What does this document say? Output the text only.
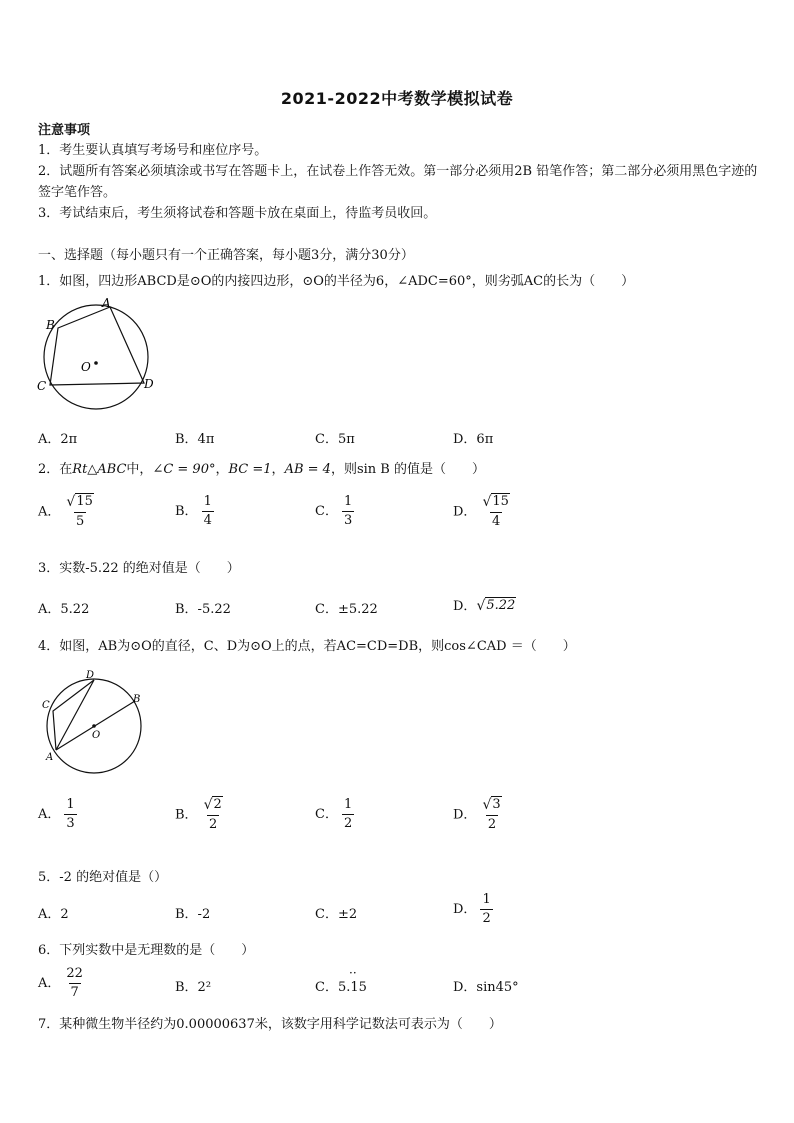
2021-2022中考数学模拟试卷
注意事项
1．考生要认真填写考场号和座位序号。
2．试题所有答案必须填涂或书写在答题卡上，在试卷上作答无效。第一部分必须用2B 铅笔作答；第二部分必须用黑色字迹的签字笔作答。
3．考试结束后，考生须将试卷和答题卡放在桌面上，待监考员收回。
一、选择题（每小题只有一个正确答案，每小题3分，满分30分）
1．如图，四边形ABCD是⊙O的内接四边形，⊙O的半径为6，∠ADC=60°，则劣弧AC的长为（　　）
A
B
C	D
O
A．2π	B．4π	C．5π	D．6π
2．在Rt△ABC中，∠C = 90°，BC =1，AB = 4，则sin B 的值是（　　）
A． $\frac{√ 15}{5}$	B． $\frac{1}{4}$	C． $\frac{1}{3}$	D． $\frac{√ 15}{4}$
3．实数-5.22 的绝对值是（　　）
A．5.22	B．-5.22	C．±5.22	D． √ 5.22
4．如图，AB为⊙O的直径，C、D为⊙O上的点，若AC=CD=DB，则cos∠CAD ＝（　　）
D
C
B
A
O
A． $\frac{1}{3}$	B． $\frac{√ 2}{2}$	C． $\frac{1}{2}$	D． $\frac{√ 3}{2}$
5．-2 的绝对值是（）
A．2	B．-2	C．±2	D． $\frac{1}{2}$
6．下列实数中是无理数的是（　　）
A． $\frac{22}{7}$	B．2²	C．5.15
··
D．sin45°
7．某种微生物半径约为0.00000637米，该数字用科学记数法可表示为（　　）
